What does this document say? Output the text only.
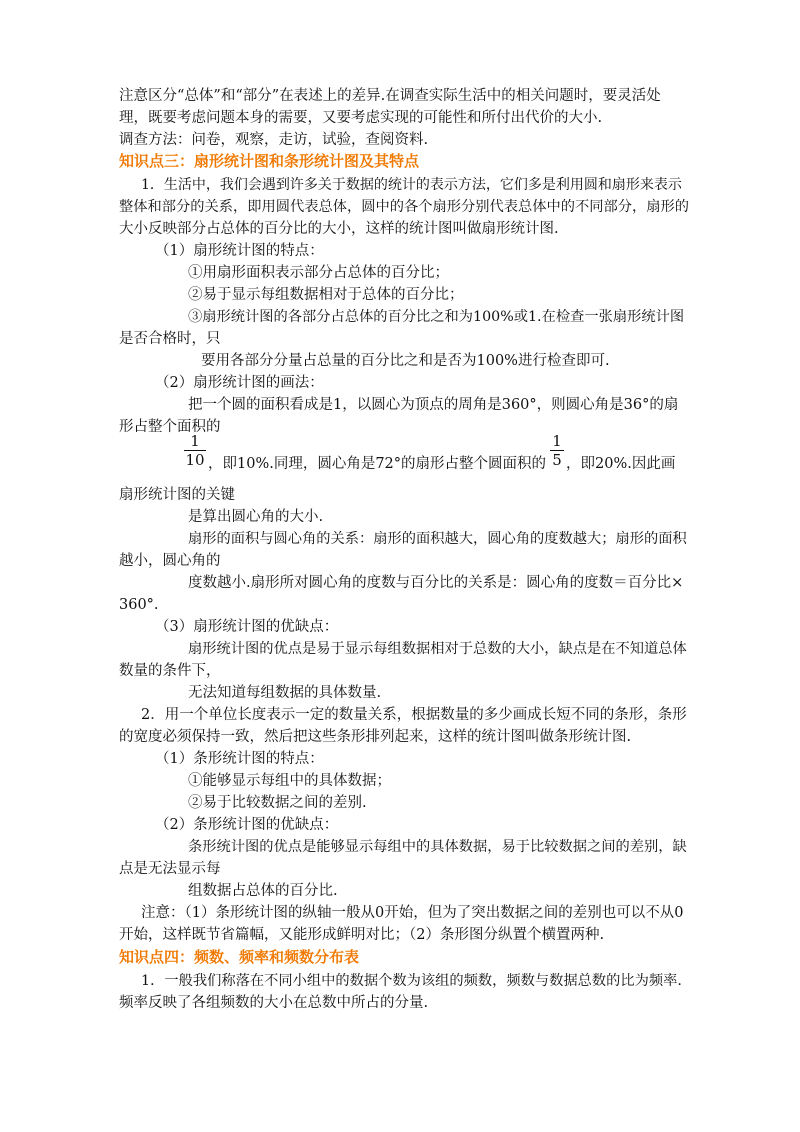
注意区分“总体”和“部分”在表述上的差异.在调查实际生活中的相关问题时，要灵活处
理，既要考虑问题本身的需要，又要考虑实现的可能性和所付出代价的大小.
调查方法：问卷，观察，走访，试验，查阅资料.
知识点三：扇形统计图和条形统计图及其特点
1．生活中，我们会遇到许多关于数据的统计的表示方法，它们多是利用圆和扇形来表示
整体和部分的关系，即用圆代表总体，圆中的各个扇形分别代表总体中的不同部分，扇形的
大小反映部分占总体的百分比的大小，这样的统计图叫做扇形统计图.
（1）扇形统计图的特点：
①用扇形面积表示部分占总体的百分比；
②易于显示每组数据相对于总体的百分比；
③扇形统计图的各部分占总体的百分比之和为100%或1.在检查一张扇形统计图
是否合格时，只
要用各部分分量占总量的百分比之和是否为100%进行检查即可.
（2）扇形统计图的画法：
把一个圆的面积看成是1，以圆心为顶点的周角是360°，则圆心角是36°的扇
形占整个面积的
1
10 ，即10%.同理，圆心角是72°的扇形占整个圆面积的
1
5 ，即20%.因此画
扇形统计图的关键
是算出圆心角的大小.
扇形的面积与圆心角的关系：扇形的面积越大，圆心角的度数越大；扇形的面积
越小，圆心角的
度数越小.扇形所对圆心角的度数与百分比的关系是：圆心角的度数＝百分比×
360°.
（3）扇形统计图的优缺点：
扇形统计图的优点是易于显示每组数据相对于总数的大小，缺点是在不知道总体
数量的条件下，
无法知道每组数据的具体数量.
2．用一个单位长度表示一定的数量关系，根据数量的多少画成长短不同的条形，条形
的宽度必须保持一致，然后把这些条形排列起来，这样的统计图叫做条形统计图.
（1）条形统计图的特点：
①能够显示每组中的具体数据；
②易于比较数据之间的差别.
（2）条形统计图的优缺点：
条形统计图的优点是能够显示每组中的具体数据，易于比较数据之间的差别，缺
点是无法显示每
组数据占总体的百分比.
注意：（1）条形统计图的纵轴一般从0开始，但为了突出数据之间的差别也可以不从0
开始，这样既节省篇幅，又能形成鲜明对比；（2）条形图分纵置个横置两种.
知识点四：频数、频率和频数分布表
1．一般我们称落在不同小组中的数据个数为该组的频数，频数与数据总数的比为频率.
频率反映了各组频数的大小在总数中所占的分量.
